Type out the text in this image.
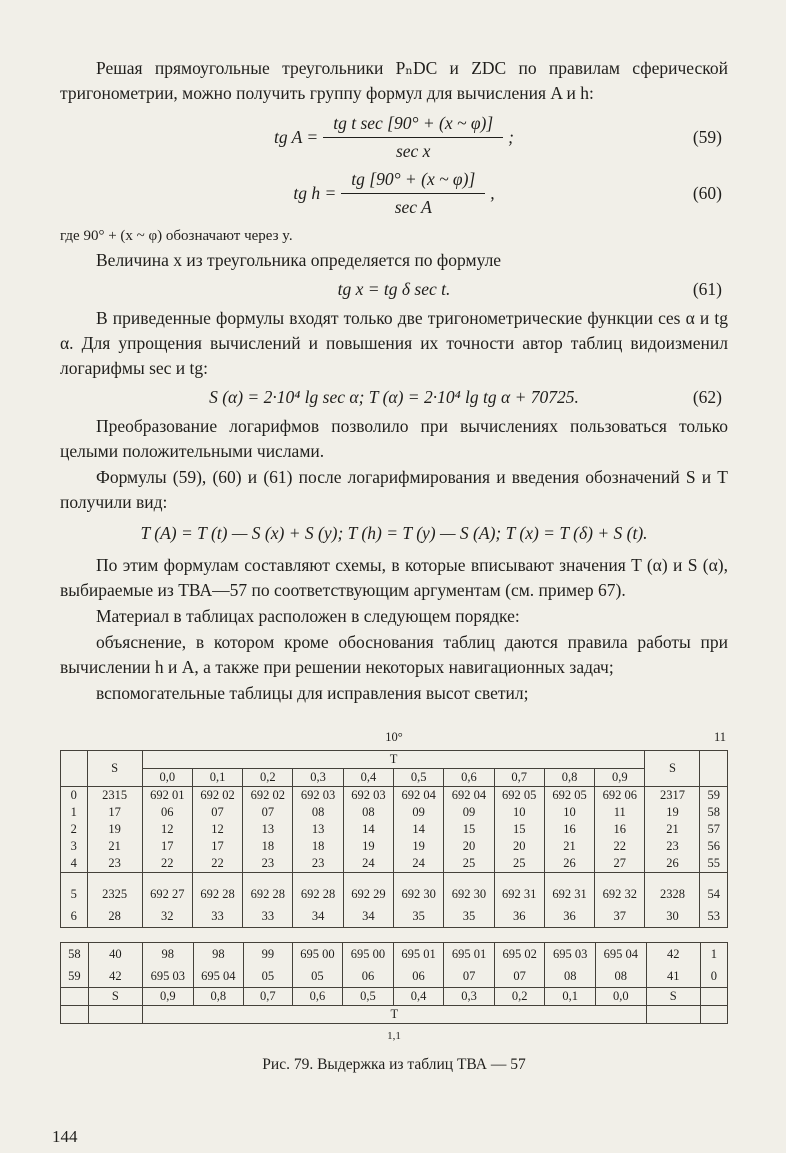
Решая прямоугольные треугольники PₙDC и ZDC по правилам сферической тригонометрии, можно получить группу формул для вычисления A и h:

tg $A = \frac{\text{tg t sec [90° + (x \textasciitilde{} φ)]}}{\text{sec x}}$ ;	(59)
tg $h = \frac{tg [90^\circ + (x \sim \varphi)]}{\text{sec A}}$ ,	(60)

где 90° + (x ~ φ) обозначают через y.

Величина x из треугольника определяется по формуле

tg x = tg δ sec t.	(61)

В приведенные формулы входят только две тригонометрические функции ces α и tg α. Для упрощения вычислений и повышения их точности автор таблиц видоизменил логарифмы sec и tg:

S (α) = 2·10⁴ lg sec α; T (α) = 2·10⁴ lg tg α + 70725.	(62)

Преобразование логарифмов позволило при вычислениях пользоваться только целыми положительными числами.

Формулы (59), (60) и (61) после логарифмирования и введения обозначений S и T получили вид:

T (A) = T (t) — S (x) + S (y); T (h) = T (y) — S (A); T (x) = T (δ) + S (t).

По этим формулам составляют схемы, в которые вписывают значения T (α) и S (α), выбираемые из ТВА—57 по соответствующим аргументам (см. пример 67).

Материал в таблицах расположен в следующем порядке:

объяснение, в котором кроме обоснования таблиц даются правила работы при вычислении h и A, а также при решении некоторых навигационных задач;

вспомогательные таблицы для исправления высот светил;

10°	11
	S	T										S	
		0,0	0,1	0,2	0,3	0,4	0,5	0,6	0,7	0,8	0,9		
0	2315	692 01	692 02	692 02	692 03	692 03	692 04	692 04	692 05	692 05	692 06	2317	59
1	17	06	07	07	08	08	09	09	10	10	11	19	58
2	19	12	12	13	13	14	14	15	15	16	16	21	57
3	21	17	17	18	18	19	19	20	20	21	22	23	56
4	23	22	22	23	23	24	24	25	25	26	27	26	55

5	2325	692 27	692 28	692 28	692 28	692 29	692 30	692 30	692 31	692 31	692 32	2328	54
6	28	32	33	33	34	34	35	35	36	36	37	30	53
58	40	98	98	99	695 00	695 00	695 01	695 01	695 02	695 03	695 04	42	1
59	42	695 03	695 04	05	05	06	06	07	07	08	08	41	0
	S	0,9	0,8	0,7	0,6	0,5	0,4	0,3	0,2	0,1	0,0	S	
		T											
1,1
Рис. 79. Выдержка из таблиц ТВА — 57
144
